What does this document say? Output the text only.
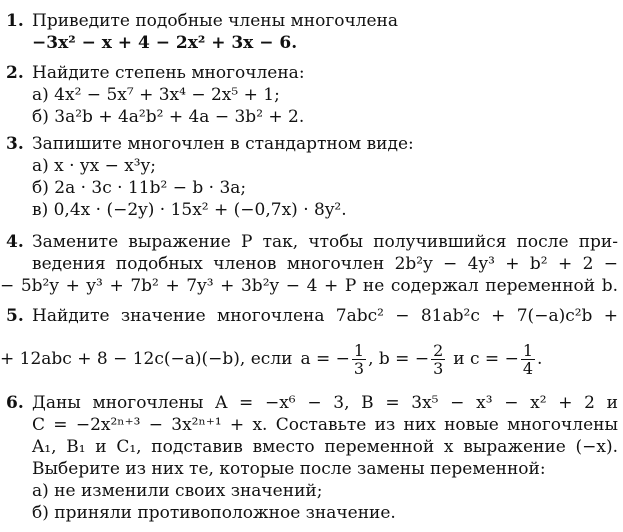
1. Приведите подобные члены многочлена
−3x² − x + 4 − 2x² + 3x − 6.
2. Найдите степень многочлена:
а) 4x² − 5x⁷ + 3x⁴ − 2x⁵ + 1;
б) 3a²b + 4a²b² + 4a − 3b² + 2.
3. Запишите многочлен в стандартном виде:
а) x · yx − x³y;
б) 2a · 3c · 11b² − b · 3a;
в) 0,4x · (−2y) · 15x² + (−0,7x) · 8y².
4. Замените выражение P так, чтобы получившийся после при-
ведения подобных членов многочлен 2b²y − 4y³ + b² + 2 −
− 5b²y + y³ + 7b² + 7y³ + 3b²y − 4 + P не содержал переменной b.
5. Найдите значение многочлена 7abc² − 81ab²c + 7(−a)c²b +
+ 12abc + 8 − 12c(−a)(−b), если a = − $\frac{1}{3}$ , b = − $\frac{2}{3}$ и c = − $\frac{1}{4}$ .
6. Даны многочлены A = −x⁶ − 3, B = 3x⁵ − x³ − x² + 2 и
C = −2x²ⁿ⁺³ − 3x²ⁿ⁺¹ + x. Составьте из них новые многочлены
A₁, B₁ и C₁, подставив вместо переменной x выражение (−x).
Выберите из них те, которые после замены переменной:
а) не изменили своих значений;
б) приняли противоположное значение.
